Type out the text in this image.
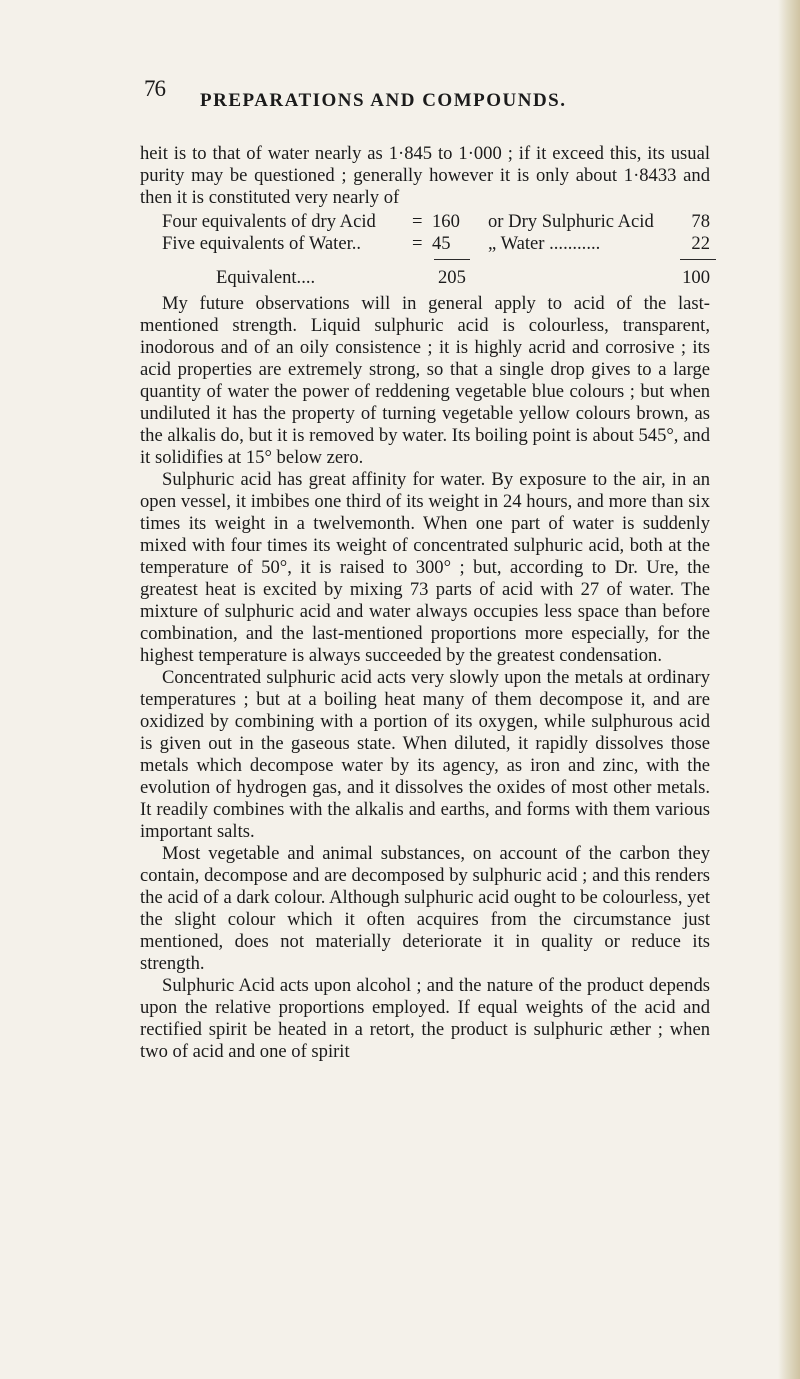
76 PREPARATIONS AND COMPOUNDS.

heit is to that of water nearly as 1·845 to 1·000 ; if it exceed this, its usual purity may be questioned ; generally however it is only about 1·8433 and then it is constituted very nearly of

Four equivalents of dry Acid	= 160	or Dry Sulphuric Acid	78
Five equivalents of Water..	= 45	„ Water ...........	22
Equivalent....	205	100

My future observations will in general apply to acid of the last-mentioned strength. Liquid sulphuric acid is colourless, transparent, inodorous and of an oily consistence ; it is highly acrid and corrosive ; its acid properties are extremely strong, so that a single drop gives to a large quantity of water the power of reddening vegetable blue colours ; but when undiluted it has the property of turning vegetable yellow colours brown, as the alkalis do, but it is removed by water. Its boiling point is about 545°, and it solidifies at 15° below zero.

Sulphuric acid has great affinity for water. By exposure to the air, in an open vessel, it imbibes one third of its weight in 24 hours, and more than six times its weight in a twelvemonth. When one part of water is suddenly mixed with four times its weight of concentrated sulphuric acid, both at the temperature of 50°, it is raised to 300° ; but, according to Dr. Ure, the greatest heat is excited by mixing 73 parts of acid with 27 of water. The mixture of sulphuric acid and water always occupies less space than before combination, and the last-mentioned proportions more especially, for the highest temperature is always succeeded by the greatest condensation.

Concentrated sulphuric acid acts very slowly upon the metals at ordinary temperatures ; but at a boiling heat many of them decompose it, and are oxidized by combining with a portion of its oxygen, while sulphurous acid is given out in the gaseous state. When diluted, it rapidly dissolves those metals which decompose water by its agency, as iron and zinc, with the evolution of hydrogen gas, and it dissolves the oxides of most other metals. It readily combines with the alkalis and earths, and forms with them various important salts.

Most vegetable and animal substances, on account of the carbon they contain, decompose and are decomposed by sulphuric acid ; and this renders the acid of a dark colour. Although sulphuric acid ought to be colourless, yet the slight colour which it often acquires from the circumstance just mentioned, does not materially deteriorate it in quality or reduce its strength.

Sulphuric Acid acts upon alcohol ; and the nature of the product depends upon the relative proportions employed. If equal weights of the acid and rectified spirit be heated in a retort, the product is sulphuric æther ; when two of acid and one of spirit
